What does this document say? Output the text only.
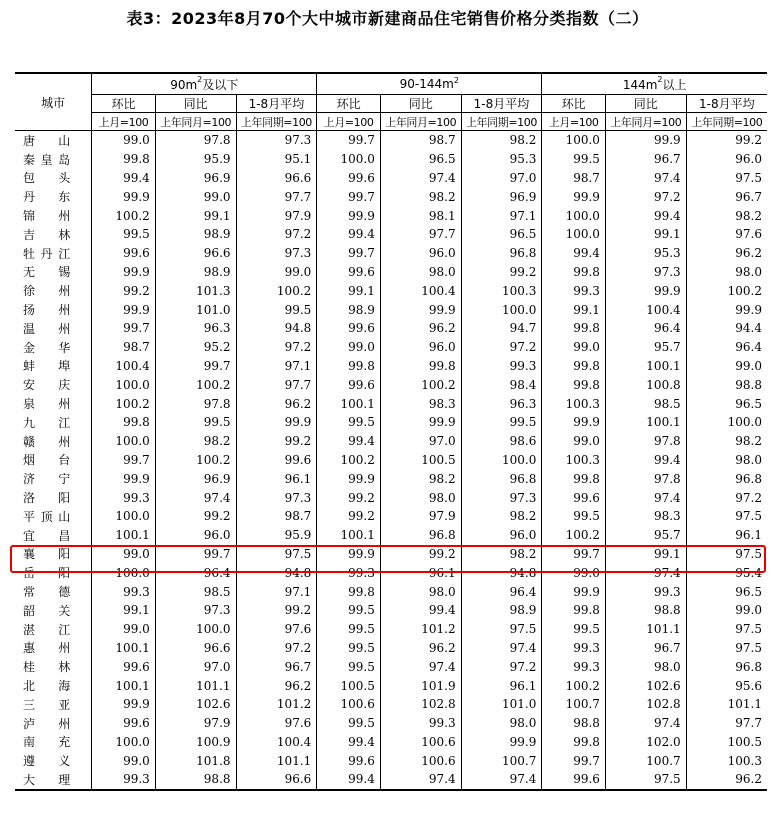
表3：2023年8月70个大中城市新建商品住宅销售价格分类指数（二）
城市	$90m^2$及以下			$90-144m^2$			$144m^2$以上		
	环比	同比	1-8月平均	环比	同比	1-8月平均	环比	同比	1-8月平均
	上月=100	上年同月=100	上年同期=100	上月=100	上年同月=100	上年同期=100	上月=100	上年同月=100	上年同期=100
唐山	99.0	97.8	97.3	99.7	98.7	98.2	100.0	99.9	99.2
秦皇岛	99.8	95.9	95.1	100.0	96.5	95.3	99.5	96.7	96.0
包头	99.4	96.9	96.6	99.6	97.4	97.0	98.7	97.4	97.5
丹东	99.9	99.0	97.7	99.7	98.2	96.9	99.9	97.2	96.7
锦州	100.2	99.1	97.9	99.9	98.1	97.1	100.0	99.4	98.2
吉林	99.5	98.9	97.2	99.4	97.7	96.5	100.0	99.1	97.6
牡丹江	99.6	96.6	97.3	99.7	96.0	96.8	99.4	95.3	96.2
无锡	99.9	98.9	99.0	99.6	98.0	99.2	99.8	97.3	98.0
徐州	99.2	101.3	100.2	99.1	100.4	100.3	99.3	99.9	100.2
扬州	99.9	101.0	99.5	98.9	99.9	100.0	99.1	100.4	99.9
温州	99.7	96.3	94.8	99.6	96.2	94.7	99.8	96.4	94.4
金华	98.7	95.2	97.2	99.0	96.0	97.2	99.0	95.7	96.4
蚌埠	100.4	99.7	97.1	99.8	99.8	99.3	99.8	100.1	99.0
安庆	100.0	100.2	97.7	99.6	100.2	98.4	99.8	100.8	98.8
泉州	100.2	97.8	96.2	100.1	98.3	96.3	100.3	98.5	96.5
九江	99.8	99.5	99.9	99.5	99.9	99.5	99.9	100.1	100.0
赣州	100.0	98.2	99.2	99.4	97.0	98.6	99.0	97.8	98.2
烟台	99.7	100.2	99.6	100.2	100.5	100.0	100.3	99.4	98.0
济宁	99.9	96.9	96.1	99.9	98.2	96.8	99.8	97.8	96.8
洛阳	99.3	97.4	97.3	99.2	98.0	97.3	99.6	97.4	97.2
平顶山	100.0	99.2	98.7	99.2	97.9	98.2	99.5	98.3	97.5
宜昌	100.1	96.0	95.9	100.1	96.8	96.0	100.2	95.7	96.1
襄阳	99.0	99.7	97.5	99.9	99.2	98.2	99.7	99.1	97.5
岳阳	100.0	96.4	94.8	99.3	96.1	94.8	99.0	97.4	95.4
常德	99.3	98.5	97.1	99.8	98.0	96.4	99.9	99.3	96.5
韶关	99.1	97.3	99.2	99.5	99.4	98.9	99.8	98.8	99.0
湛江	99.0	100.0	97.6	99.5	101.2	97.5	99.5	101.1	97.5
惠州	100.1	96.6	97.2	99.5	96.2	97.4	99.3	96.7	97.5
桂林	99.6	97.0	96.7	99.5	97.4	97.2	99.3	98.0	96.8
北海	100.1	101.1	96.2	100.5	101.9	96.1	100.2	102.6	95.6
三亚	99.9	102.6	101.2	100.6	102.8	101.0	100.7	102.8	101.1
泸州	99.6	97.9	97.6	99.5	99.3	98.0	98.8	97.4	97.7
南充	100.0	100.9	100.4	99.4	100.6	99.9	99.8	102.0	100.5
遵义	99.0	101.8	101.1	99.6	100.6	100.7	99.7	100.7	100.3
大理	99.3	98.8	96.6	99.4	97.4	97.4	99.6	97.5	96.2
